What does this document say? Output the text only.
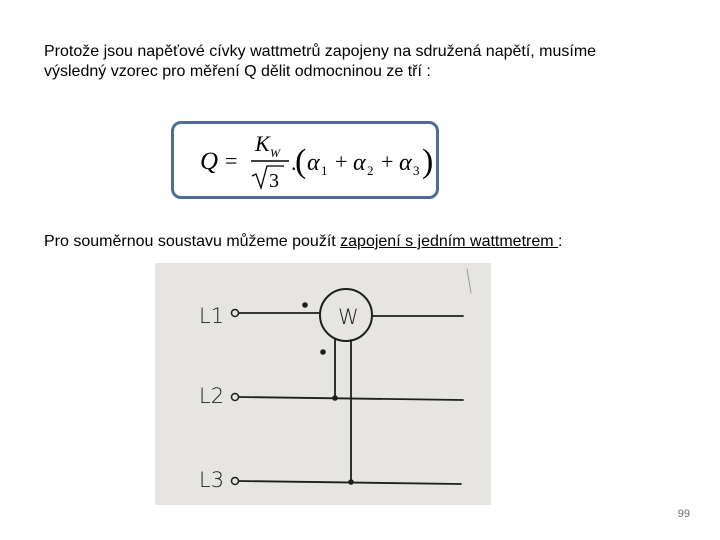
Protože jsou napěťové cívky wattmetrů zapojeny na sdružená napětí, musíme
výsledný vzorec pro měření Q dělit odmocninou ze tří :

Q =
K W
3
.
( α 1 + α 2 + α 3 )

Pro souměrnou soustavu můžeme použít zapojení s jedním wattmetrem :

L1
L2
L3
W
99
